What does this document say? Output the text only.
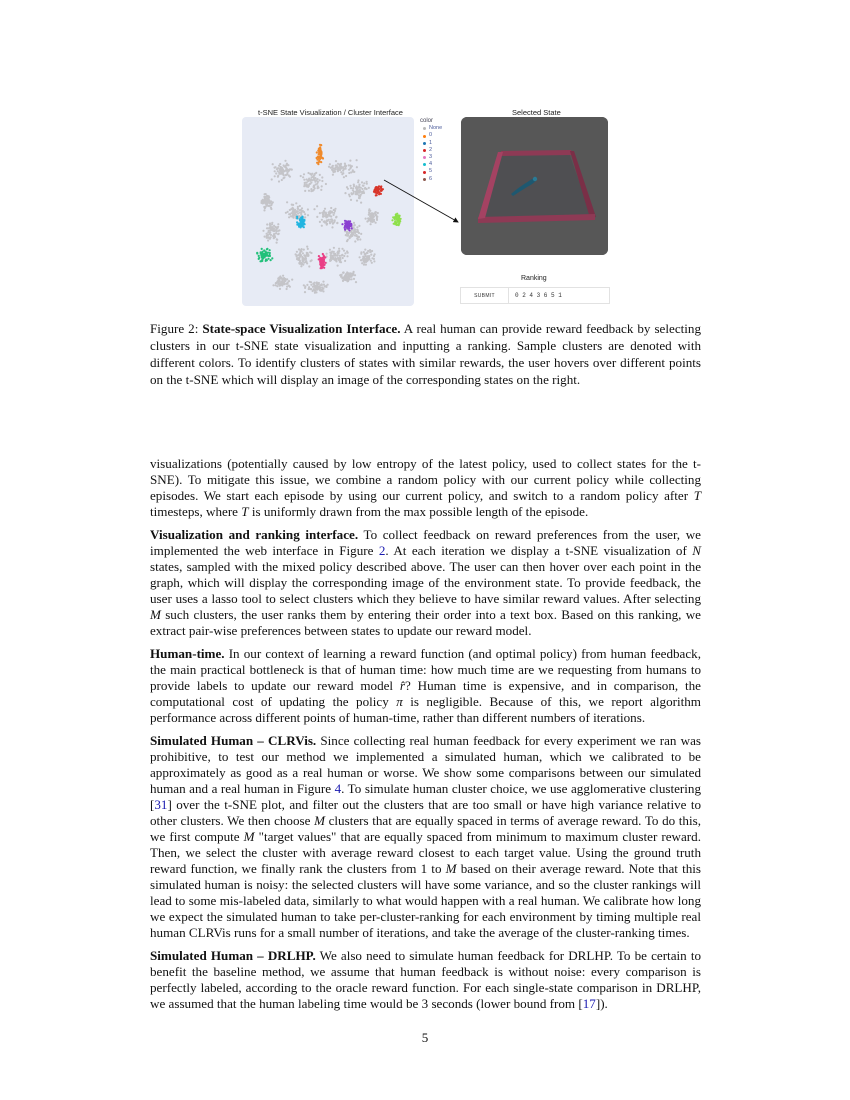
t-SNE State Visualization / Cluster Interface	Selected State
color
None
0
1
2
3
4
5
6
Ranking
SUBMIT
0 2 4 3 6 5 1
Figure 2: State-space Visualization Interface. A real human can provide reward feedback by selecting clusters in our t-SNE state visualization and inputting a ranking. Sample clusters are denoted with different colors. To identify clusters of states with similar rewards, the user hovers over different points on the t-SNE which will display an image of the corresponding states on the right.

visualizations (potentially caused by low entropy of the latest policy, used to collect states for the t-SNE). To mitigate this issue, we combine a random policy with our current policy while collecting episodes. We start each episode by using our current policy, and switch to a random policy after T timesteps, where T is uniformly drawn from the max possible length of the episode.

Visualization and ranking interface. To collect feedback on reward preferences from the user, we implemented the web interface in Figure 2. At each iteration we display a t-SNE visualization of N states, sampled with the mixed policy described above. The user can then hover over each point in the graph, which will display the corresponding image of the environment state. To provide feedback, the user uses a lasso tool to select clusters which they believe to have similar reward values. After selecting M such clusters, the user ranks them by entering their order into a text box. Based on this ranking, we extract pair-wise preferences between states to update our reward model.

Human-time. In our context of learning a reward function (and optimal policy) from human feedback, the main practical bottleneck is that of human time: how much time are we requesting from humans to provide labels to update our reward model r̂? Human time is expensive, and in comparison, the computational cost of updating the policy π is negligible. Because of this, we report algorithm performance across different points of human-time, rather than different numbers of iterations.

Simulated Human – CLRVis. Since collecting real human feedback for every experiment we ran was prohibitive, to test our method we implemented a simulated human, which we calibrated to be approximately as good as a real human or worse. We show some comparisons between our simulated human and a real human in Figure 4. To simulate human cluster choice, we use agglomerative clustering [31] over the t-SNE plot, and filter out the clusters that are too small or have high variance relative to other clusters. We then choose M clusters that are equally spaced in terms of average reward. To do this, we first compute M "target values" that are equally spaced from minimum to maximum cluster reward. Then, we select the cluster with average reward closest to each target value. Using the ground truth reward function, we finally rank the clusters from 1 to M based on their average reward. Note that this simulated human is noisy: the selected clusters will have some variance, and so the cluster rankings will lead to some mis-labeled data, similarly to what would happen with a real human. We calibrate how long we expect the simulated human to take per-cluster-ranking for each environment by timing multiple real human CLRVis runs for a small number of iterations, and take the average of the cluster-ranking times.

Simulated Human – DRLHP. We also need to simulate human feedback for DRLHP. To be certain to benefit the baseline method, we assume that human feedback is without noise: every comparison is perfectly labeled, according to the oracle reward function. For each single-state comparison in DRLHP, we assumed that the human labeling time would be 3 seconds (lower bound from [17]).

5
